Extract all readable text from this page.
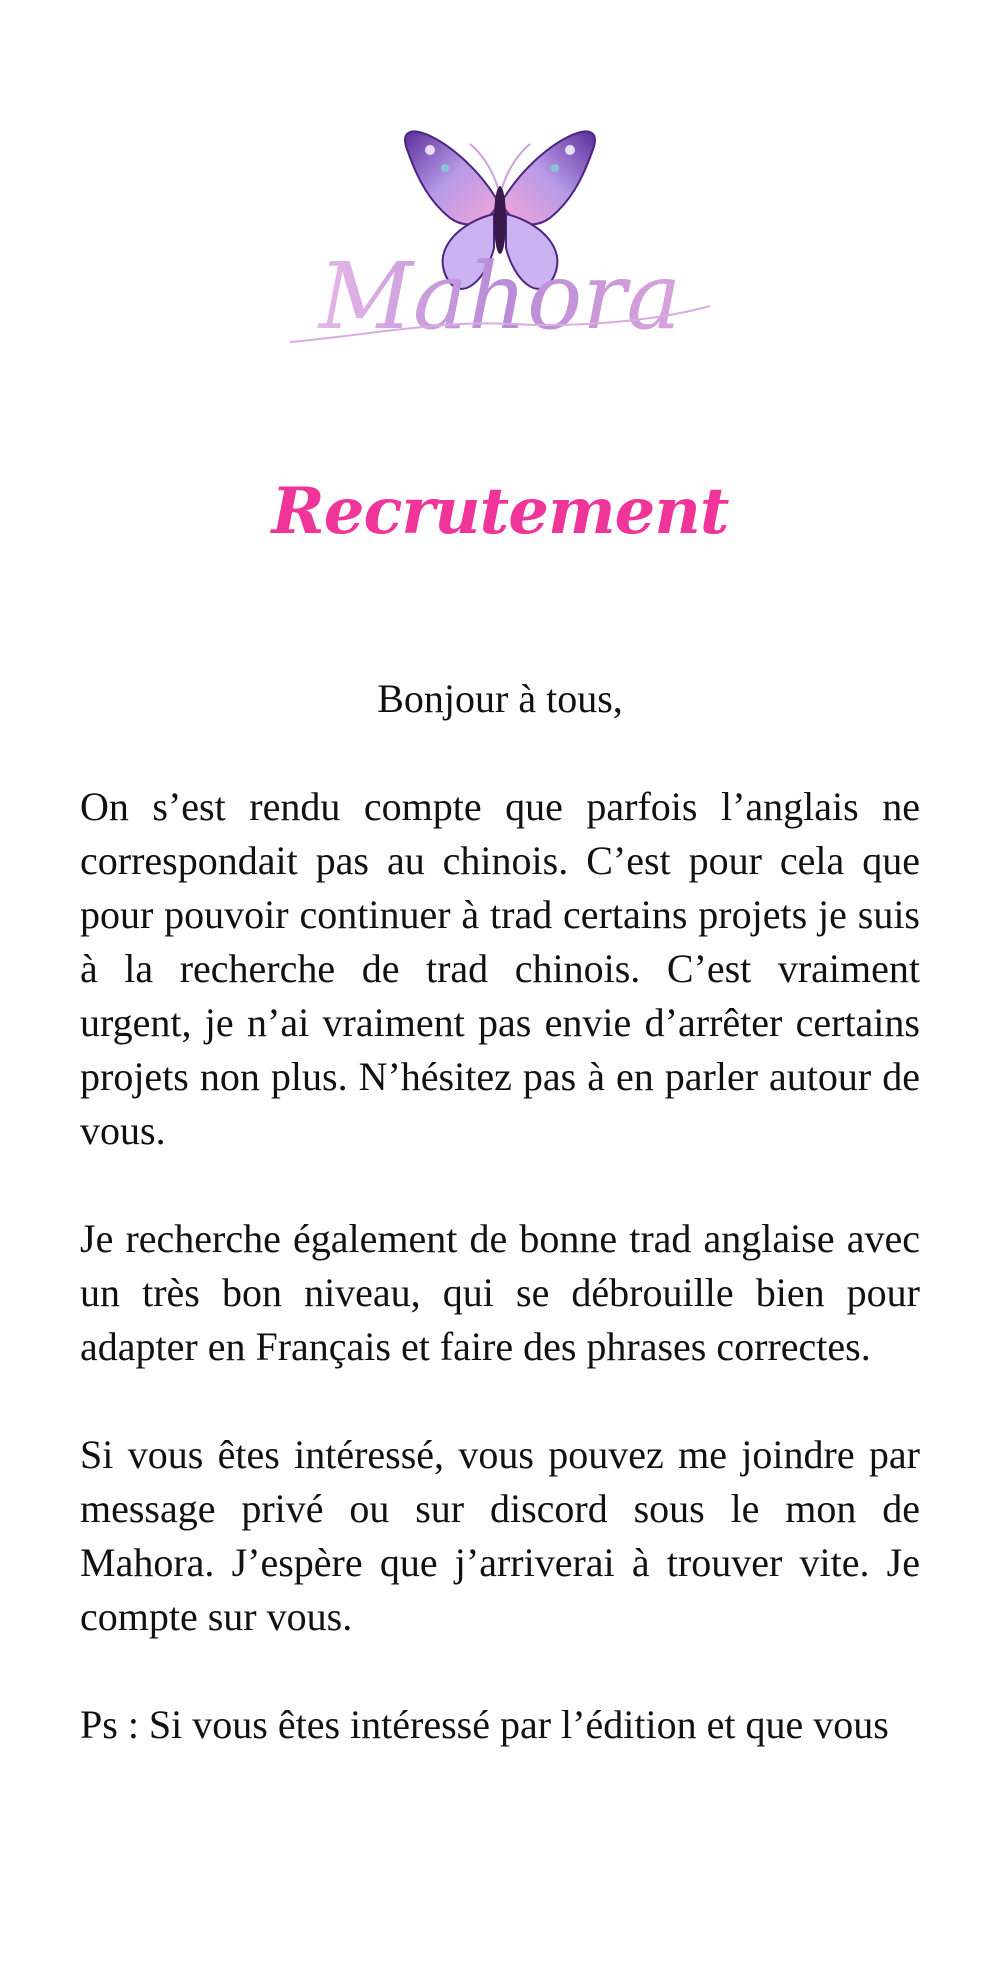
Mahora
Recrutement

Bonjour à tous,

On s’est rendu compte que parfois l’anglais ne correspondait pas au chinois. C’est pour cela que pour pouvoir continuer à trad certains projets je suis à la recherche de trad chinois. C’est vraiment urgent, je n’ai vraiment pas envie d’arrêter certains projets non plus. N’hésitez pas à en parler autour de vous.

Je recherche également de bonne trad anglaise avec un très bon niveau, qui se débrouille bien pour adapter en Français et faire des phrases correctes.

Si vous êtes intéressé, vous pouvez me joindre par message privé ou sur discord sous le mon de Mahora. J’espère que j’arriverai à trouver vite. Je compte sur vous.

Ps : Si vous êtes intéressé par l’édition et que vous
